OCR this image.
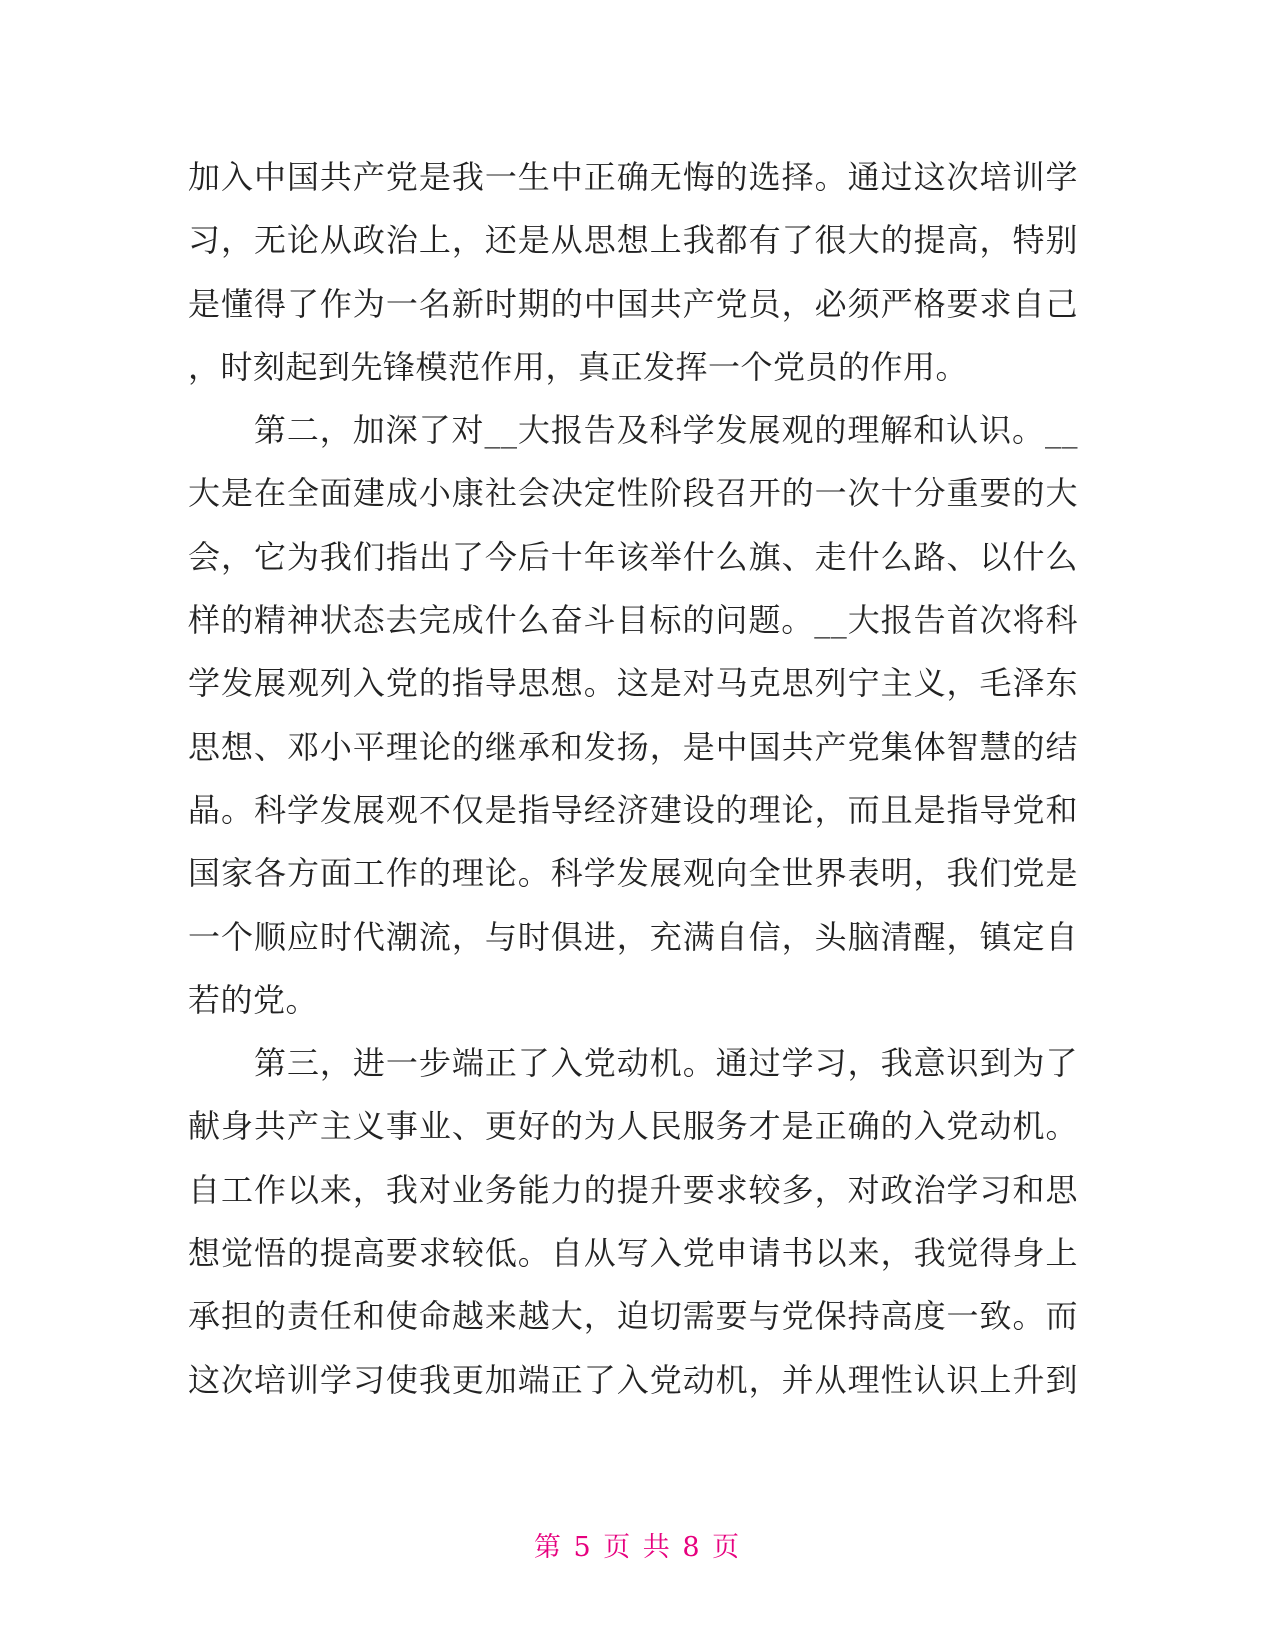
加入中国共产党是我一生中正确无悔的选择。通过这次培训学
习，无论从政治上，还是从思想上我都有了很大的提高，特别
是懂得了作为一名新时期的中国共产党员，必须严格要求自己
，时刻起到先锋模范作用，真正发挥一个党员的作用。
　　第二，加深了对__大报告及科学发展观的理解和认识。__
大是在全面建成小康社会决定性阶段召开的一次十分重要的大
会，它为我们指出了今后十年该举什么旗、走什么路、以什么
样的精神状态去完成什么奋斗目标的问题。__大报告首次将科
学发展观列入党的指导思想。这是对马克思列宁主义，毛泽东
思想、邓小平理论的继承和发扬，是中国共产党集体智慧的结
晶。科学发展观不仅是指导经济建设的理论，而且是指导党和
国家各方面工作的理论。科学发展观向全世界表明，我们党是
一个顺应时代潮流，与时俱进，充满自信，头脑清醒，镇定自
若的党。
　　第三，进一步端正了入党动机。通过学习，我意识到为了
献身共产主义事业、更好的为人民服务才是正确的入党动机。
自工作以来，我对业务能力的提升要求较多，对政治学习和思
想觉悟的提高要求较低。自从写入党申请书以来，我觉得身上
承担的责任和使命越来越大，迫切需要与党保持高度一致。而
这次培训学习使我更加端正了入党动机，并从理性认识上升到
第 5 页 共 8 页
